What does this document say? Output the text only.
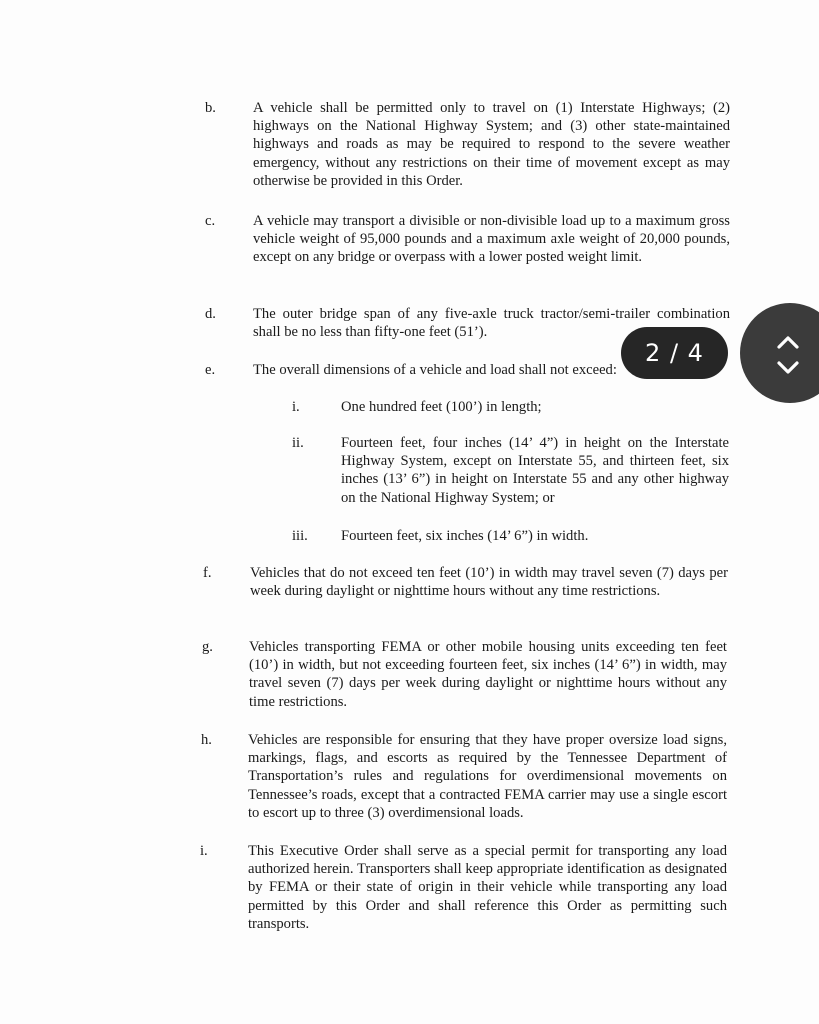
b.	A vehicle shall be permitted only to travel on (1) Interstate Highways; (2) highways on the National Highway System; and (3) other state-maintained highways and roads as may be required to respond to the severe weather emergency, without any restrictions on their time of movement except as may otherwise be provided in this Order.

c.	A vehicle may transport a divisible or non-divisible load up to a maximum gross vehicle weight of 95,000 pounds and a maximum axle weight of 20,000 pounds, except on any bridge or overpass with a lower posted weight limit.

d.	The outer bridge span of any five-axle truck tractor/semi-trailer combination shall be no less than fifty-one feet (51’).

e.	The overall dimensions of a vehicle and load shall not exceed:

i.	One hundred feet (100’) in length;

ii.	Fourteen feet, four inches (14’ 4”) in height on the Interstate Highway System, except on Interstate 55, and thirteen feet, six inches (13’ 6”) in height on Interstate 55 and any other highway on the National Highway System; or

iii. Fourteen feet, six inches (14’ 6”) in width.

f.	Vehicles that do not exceed ten feet (10’) in width may travel seven (7) days per week during daylight or nighttime hours without any time restrictions.

g. Vehicles transporting FEMA or other mobile housing units exceeding ten feet (10’) in width, but not exceeding fourteen feet, six inches (14’ 6”) in width, may travel seven (7) days per week during daylight or nighttime hours without any time restrictions.

h. Vehicles are responsible for ensuring that they have proper oversize load signs, markings, flags, and escorts as required by the Tennessee Department of Transportation’s rules and regulations for overdimensional movements on Tennessee’s roads, except that a contracted FEMA carrier may use a single escort to escort up to three (3) overdimensional loads.

i.	This Executive Order shall serve as a special permit for transporting any load authorized herein. Transporters shall keep appropriate identification as designated by FEMA or their state of origin in their vehicle while transporting any load permitted by this Order and shall reference this Order as permitting such transports.

2 / 4
